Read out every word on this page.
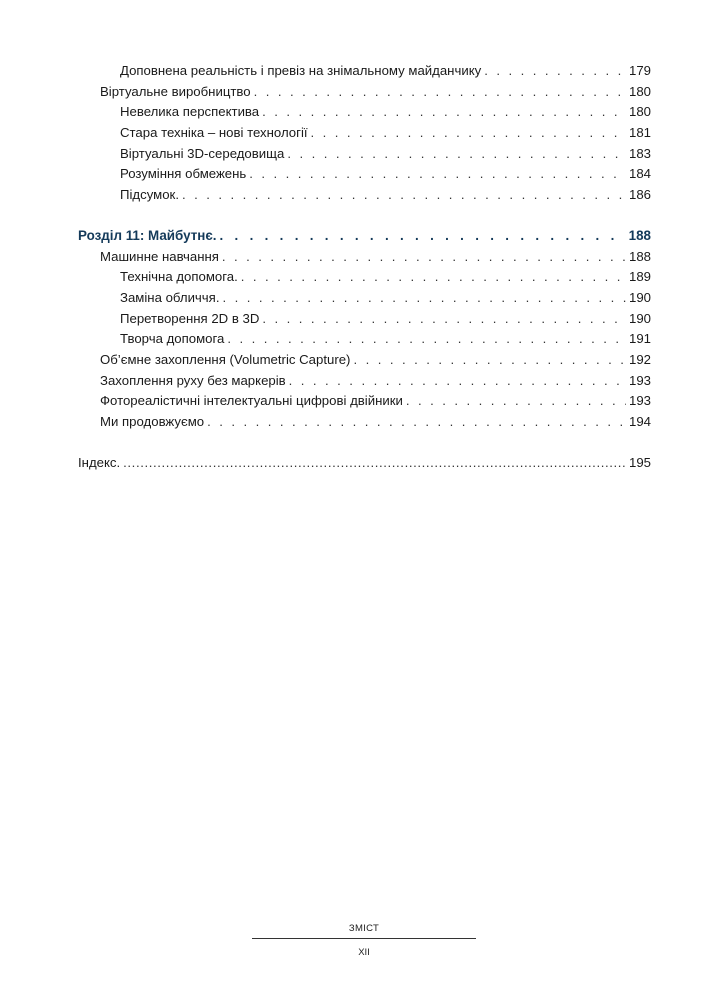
Доповнена реальність і превіз на знімальному майданчику . . .	179
Віртуальне виробництво . . .	180
Невелика перспектива . . .	180
Стара техніка – нові технології . . .	181
Віртуальні 3D-середовища . . .	183
Розуміння обмежень . . .	184
Підсумок. . . .	186
Розділ 11: Майбутнє. . . .	188
Машинне навчання . . .	188
Технічна допомога. . . .	189
Заміна обличчя. . . .	190
Перетворення 2D в 3D . . .	190
Творча допомога . . .	191
Об’ємне захоплення (Volumetric Capture) . . .	192
Захоплення руху без маркерів . . .	193
Фотореалістичні інтелектуальні цифрові двійники . . .	193
Ми продовжуємо . . .	194
Індекс. .....	195
ЗМІСТ
XII
